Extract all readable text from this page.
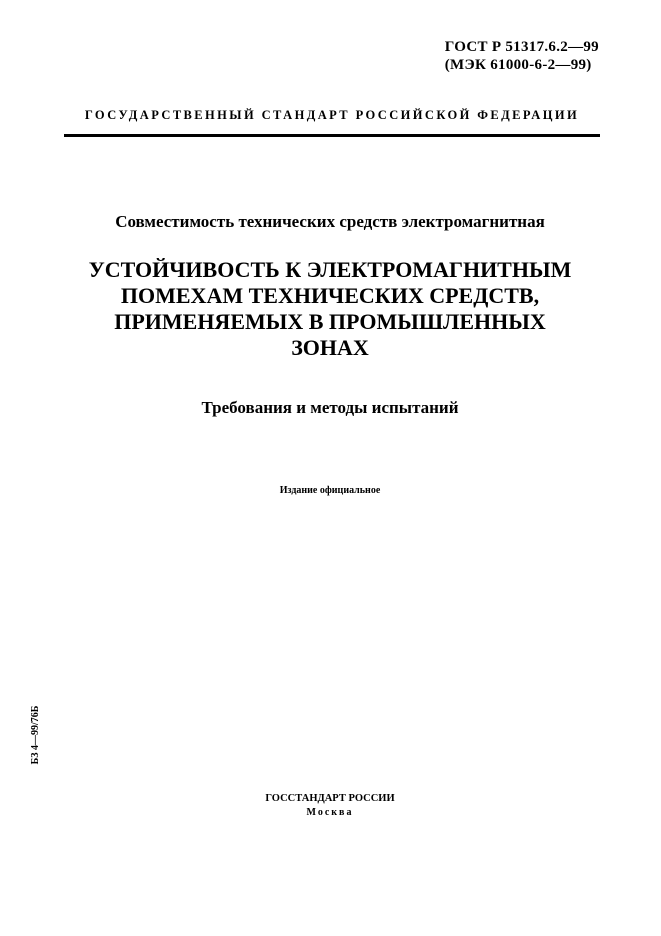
ГОСТ Р 51317.6.2—99
(МЭК 61000-6-2—99)
ГОСУДАРСТВЕННЫЙ СТАНДАРТ РОССИЙСКОЙ ФЕДЕРАЦИИ
Совместимость технических средств электромагнитная
УСТОЙЧИВОСТЬ К ЭЛЕКТРОМАГНИТНЫМ
ПОМЕХАМ ТЕХНИЧЕСКИХ СРЕДСТВ,
ПРИМЕНЯЕМЫХ В ПРОМЫШЛЕННЫХ
ЗОНАХ
Требования и методы испытаний
Издание официальное
БЗ 4—99/76Б
ГОССТАНДАРТ РОССИИ
Москва
